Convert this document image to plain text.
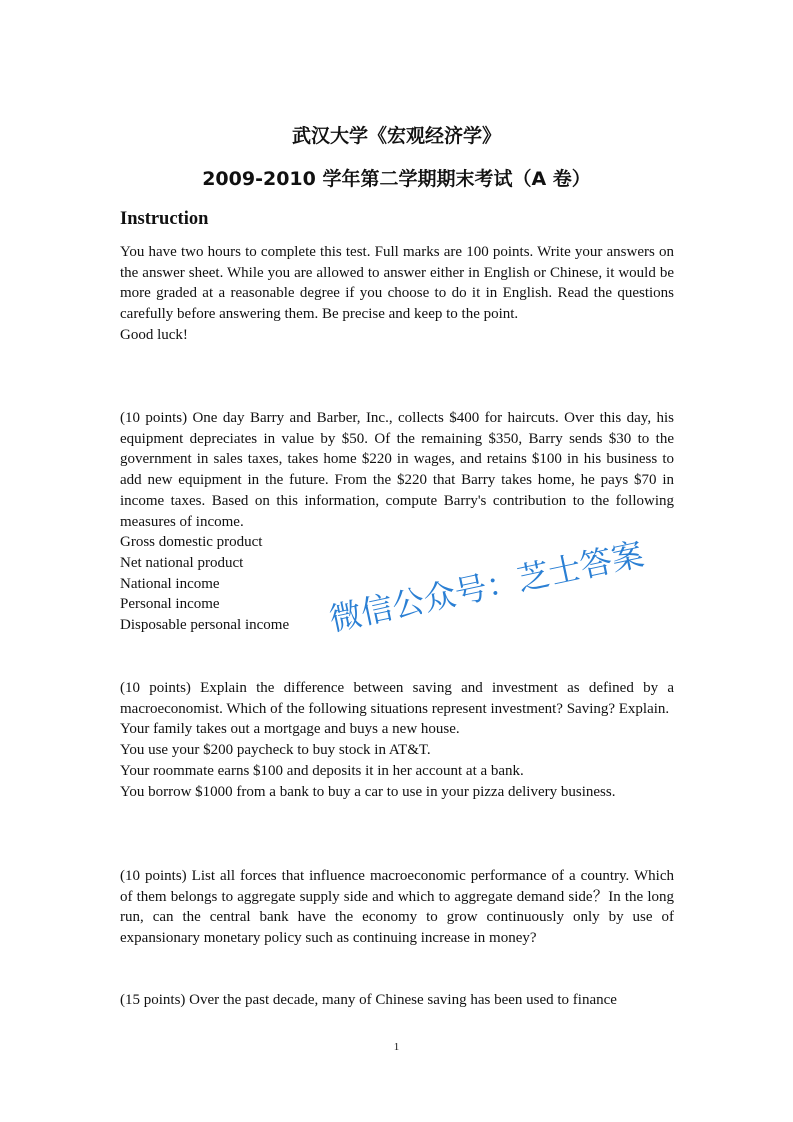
武汉大学《宏观经济学》
2009-2010 学年第二学期期末考试（A 卷）
Instruction

You have two hours to complete this test. Full marks are 100 points. Write your answers on the answer sheet. While you are allowed to answer either in English or Chinese, it would be more graded at a reasonable degree if you choose to do it in English. Read the questions carefully before answering them. Be precise and keep to the point.

Good luck!

(10 points) One day Barry and Barber, Inc., collects $400 for haircuts. Over this day, his equipment depreciates in value by $50. Of the remaining $350, Barry sends $30 to the government in sales taxes, takes home $220 in wages, and retains $100 in his business to add new equipment in the future. From the $220 that Barry takes home, he pays $70 in income taxes. Based on this information, compute Barry's contribution to the following measures of income.

Gross domestic product

Net national product

National income

Personal income

Disposable personal income

(10 points) Explain the difference between saving and investment as defined by a macroeconomist. Which of the following situations represent investment? Saving? Explain.

Your family takes out a mortgage and buys a new house.

You use your $200 paycheck to buy stock in AT&T.

Your roommate earns $100 and deposits it in her account at a bank.

You borrow $1000 from a bank to buy a car to use in your pizza delivery business.

(10 points) List all forces that influence macroeconomic performance of a country. Which of them belongs to aggregate supply side and which to aggregate demand side？In the long run, can the central bank have the economy to grow continuously only by use of expansionary monetary policy such as continuing increase in money?

(15 points) Over the past decade, many of Chinese saving has been used to finance

微信公众号：芝士答案
1
